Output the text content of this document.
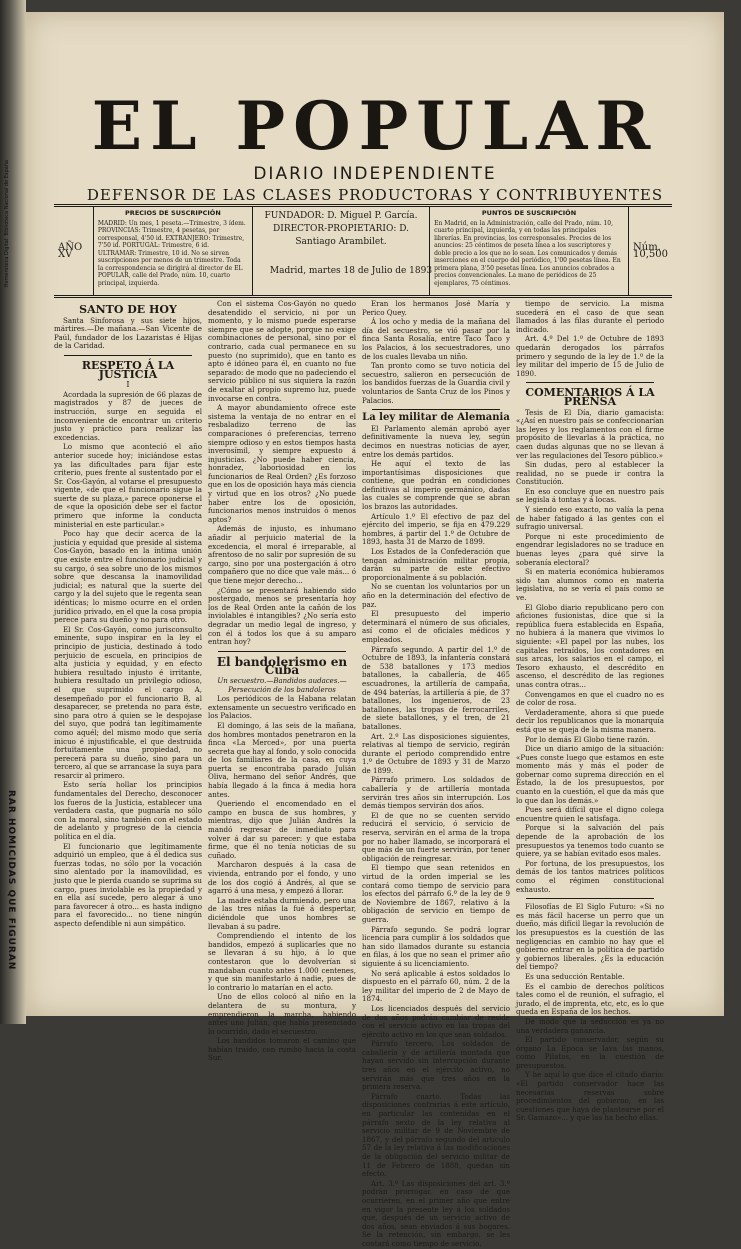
Hemeroteca Digital. Biblioteca Nacional de España
RAR HOMICIDAS QUE FIGURAN
EL POPULAR
DIARIO INDEPENDIENTE
DEFENSOR DE LAS CLASES PRODUCTORAS Y CONTRIBUYENTES
AÑO XV
PRECIOS DE SUSCRIPCIÓN
MADRID: Un mes, 1 peseta.—Trimestre, 3 ídem. PROVINCIAS: Trimestre, 4 pesetas, por corresponsal, 4'50 id. EXTRANJERO: Trimestre, 7'50 id. PORTUGAL: Trimestre, 6 id. ULTRAMAR: Trimestre, 10 id. No se sirven suscripciones por menos de un trimestre. Toda la correspondencia se dirigirá al director de EL POPULAR, calle del Prado, núm. 10, cuarto principal, izquierda.
FUNDADOR: D. Miguel P. García.
DIRECTOR-PROPIETARIO: D. Santiago Arambilet.
PUNTOS DE SUSCRIPCIÓN
En Madrid, en la Administración, calle del Prado, núm. 10, cuarto principal, izquierda, y en todas las principales librerías. En provincias, los corresponsales. Precios de los anuncios: 25 céntimos de peseta línea a los suscriptores y doble precio a los que no lo sean. Los comunicados y demás inserciones en el cuerpo del periódico, 1'00 pesetas línea. En primera plana, 3'50 pesetas línea. Los anuncios cobrados a precios convencionales. La mano de periódicos de 25 ejemplares, 75 céntimos.
Núm. 10,500
Madrid, martes 18 de Julio de 1893
SANTO DE HOY

Santa Sinforosa y sus siete hijos, mártires.—De mañana.—San Vicente de Paúl, fundador de los Lazaristas é Hijas de la Caridad.

RESPETO Á LA JUSTICIA
I

Acordada la supresión de 66 plazas de magistrados y 87 de jueces de instrucción, surge en seguida el inconveniente de encontrar un criterio justo y práctico para realizar las excedencias.

Lo mismo que aconteció el año anterior sucede hoy; iniciándose estas ya las dificultades para fijar este criterio, pues frente al sustentado por el Sr. Cos-Gayón, al votarse el presupuesto vigente, «de que el funcionario sigue la suerte de su plaza,» parece oponerse el de «que la oposición debe ser el factor primero que informe la conducta ministerial en este particular.»

Poco hay que decir acerca de la justicia y equidad que preside al sistema Cos-Gayón, basado en la íntima unión que existe entre el funcionario judicial y su cargo, ó sea sobre uno de los mismos sobre que descansa la inamovilidad judicial; es natural que la suerte del cargo y la del sujeto que le regenta sean idénticas; lo mismo ocurre en el orden jurídico privado, en el que la cosa propia perece para su dueño y no para otro.

El Sr. Cos-Gayón, como jurisconsulto eminente, supo inspirar en la ley el principio de justicia, destinado á todo perjuicio de escuela, en principios de alta justicia y equidad, y en efecto hubiera resultado injusto é irritante, hubiera resultado un privilegio odioso, el que suprimido el cargo A, desempeñado por el funcionario B, al desaparecer, se pretenda no para éste, sino para otro á quien se le despojase del suyo, que podrá tan legítimamente como aquél; del mismo modo que sería inicuo é injustificable, el que destruida fortuitamente una propiedad, no perecerá para su dueño, sino para un tercero, al que se arrancase la suya para resarcir al primero.

Esto sería hollar los principios fundamentales del Derecho, desconocer los fueros de la Justicia, establecer una verdadera casta, que pugnaría no sólo con la moral, sino también con el estado de adelanto y progreso de la ciencia política en el día.

El funcionario que legítimamente adquirió un empleo, que á él dedica sus fuerzas todas, no sólo por la vocación sino alentado por la inamovilidad, es justo que le pierda cuando se suprima su cargo, pues inviolable es la propiedad y en ella así sucede, pero alegar á uno para favorecer á otro... es hasta indigno para el favorecido... no tiene ningún aspecto defendible ni aun simpático.

Con el sistema Cos-Gayón no quedo desatendido el servicio, ni por un momento, y lo mismo puede esperarse siempre que se adopte, porque no exige combinaciones de personal, sino por el contrario, cada cual permanece en su puesto (no suprimido), que en tanto es apto é idóneo para él, en cuanto no fue separado: de modo que no padeciendo el servicio público ni sus siquiera la razón de exaltar al propio supremo luz, puede invocarse en contra.

A mayor abundamiento ofrece este sistema la ventaja de no entrar en el resbaladizo terreno de las comparaciones ó preferencias, terreno siempre odioso y en estos tiempos hasta inverosímil, y siempre expuesto á injusticias. ¿No puede haber ciencia, honradez, laboriosidad en los funcionarios de Real Orden? ¿Es forzoso que en los de oposición haya más ciencia y virtud que en los otros? ¿No puede haber entre los de oposición, funcionarios menos instruidos ó menos aptos?

Además de injusto, es inhumano añadir al perjuicio material de la excedencia, el moral é irreparable, al afrentoso de no salir por supresión de su cargo, sino por una postergación á otro compañero que no dice que vale más... ó que tiene mejor derecho...

¿Cómo se presentará habiendo sido postergado, menos se presentaría hoy los de Real Orden ante la cañón de los inviolables é intangibles? ¿No sería esto degradar un medio legal de ingreso, y con él á todos los que á su amparo entran hoy?

El bandolerismo en Cuba

Un secuestro.—Bandidos audaces.—Persecución de los bandoleros

Los periódicos de la Habana relatan extensamente un secuestro verificado en los Palacios.

El domingo, á las seis de la mañana, dos hombres montados penetraron en la finca «La Merced», por una puerta secreta que hay al fondo, y solo conocida de los familiares de la casa, en cuya puerta se encontraba parado Julián Oliva, hermano del señor Andrés, que había llegado á la finca á media hora antes.

Queriendo el encomendado en el campo en busca de sus hombres, y mientras, dijo que Julián Andrés la mandó regresar de inmediato para volver á dar su parecer: y que estaba firme, que él no tenía noticias de su cuñado.

Marcharon después á la casa de vivienda, entrando por el fondo, y uno de los dos cogió á Andrés, al que se agarró á una mesa, y empezó á llorar.

La madre estaba durmiendo, pero una de las tres niñas la fué á despertar, diciéndole que unos hombres se llevaban á su padre.

Comprendiendo el intento de los bandidos, empezó á suplicarles que no se llevaran á su hijo, á lo que contestaron que lo devolverían si mandaban cuanto antes 1.000 centenes, y que sin manifestarlo á nadie, pues de lo contrario lo matarían en el acto.

Uno de ellos colocó al niño en la delantera de su montura, y emprendieron la marcha, habiendo antes uno Julián, que había presenciado lo ocurrido, dado el secuestro.

Los bandidos tomaron el camino que habían traído, con rumbo hacia la costa Sur.

Eran los hermanos José María y Perico Quey.

Á los ocho y media de la mañana del día del secuestro, se vió pasar por la finca Santa Rosalía, entre Taco Taco y los Palacios, á los secuestradores, uno de los cuales llevaba un niño.

Tan pronto como se tuvo noticia del secuestro, salieron en persecución de los bandidos fuerzas de la Guardia civil y voluntarios de Santa Cruz de los Pinos y Palacios.

La ley militar de Alemania

El Parlamento alemán aprobó ayer definitivamente la nueva ley, según decimos en nuestras noticias de ayer, entre los demás partidos.

He aquí el texto de las importantísimas disposiciones que contiene, que podrán en condiciones definitivas al imperio germánico, dadas las cuales se comprende que se abran los brazos las autoridades.

Artículo 1.º El efectivo de paz del ejército del imperio, se fija en 479.229 hombres, á partir del 1.º de Octubre de 1893, hasta 31 de Marzo de 1899.

Los Estados de la Confederación que tengan administración militar propia, darán su parte de este efectivo proporcionalmente á su población.

No se cuentan los voluntarios por un año en la determinación del efectivo de paz.

El presupuesto del imperio determinará el número de sus oficiales, así como el de oficiales médicos y empleados.

Párrafo segundo. A partir del 1.º de Octubre de 1893, la infantería constará de 538 batallones y 173 medios batallones, la caballería, de 465 escuadrones, la artillería de campaña, de 494 baterías, la artillería á pie, de 37 batallones, los ingenieros, de 23 batallones, las tropas de ferrocarriles, de siete batallones, y el tren, de 21 batallones.

Art. 2.º Las disposiciones siguientes, relativas al tiempo de servicio, regirán durante el periodo comprendido entre 1.º de Octubre de 1893 y 31 de Marzo de 1899.

Párrafo primero. Los soldados de caballería y de artillería montada servirán tres años sin interrupción. Los demás tiempos servirán dos años.

El de que no se cuenten servido reducirá el servicio, ó servicio de reserva, servirán en el arma de la tropa por no haber llamado, se incorporará el que más de un fuerte servirán, por tener obligación de reingresar.

El tiempo que sean retenidos en virtud de la orden imperial se les contará como tiempo de servicio para los efectos del párrafo 6.º de la ley de 9 de Noviembre de 1867, relativo á la obligación de servicio en tiempo de guerra.

Párrafo segundo. Se podrá lograr licencia para cumplir á los soldados que han sido llamados durante su estancia en filas, á los que no sean el primer año siguiente á su licenciamiento.

No será aplicable á estos soldados lo dispuesto en el párrafo 60, núm. 2 de la ley militar del imperio de 2 de Mayo de 1874.

Los licenciados después del servicio de dos años podrán cambiar de reside con el servicio activo en las tropas del ejército activo en los que sean soldados.

Párrafo tercero. Los soldados de caballería y de artillería montada que hayan servido sin interrupción durante tres años en el ejército activo, no servirán más que tres años en la primera reserva.

Párrafo cuarto. Todas las disposiciones contrarias á este artículo, en particular las contenidas en el párrafo sexto de la ley relativa al servicio militar de 9 de Noviembre de 1867, y del párrafo segundo del artículo 57 de la ley relativa á las modificaciones de la obligación del servicio militar de 11 de Febrero de 1888, quedan sin efecto.

Art. 3.º Las disposiciones del art. 3.º podrán prorrogar, en caso de que ocurrieren, en el primer año que entre en vigor la presente ley á los soldados que, después de un servicio activo de dos años, sean enviados á sus hogares. Se la retención, sin embargo, se les contará como tiempo de servicio.

tiempo de servicio. La misma sucederá en el caso de que sean llamados á las filas durante el periodo indicado.

Art. 4.º Del 1.º de Octubre de 1893 quedarán derogados los párrafos primero y segundo de la ley de 1.º de la ley militar del imperio de 15 de Julio de 1890.

COMENTARIOS Á LA PRENSA

Tesis de El Día, diario gamacista: «¿Así en nuestro país se confeccionarían las leyes y los reglamentos con el firme propósito de llevarlas á la práctica, no caen dudas algunas que no se llevan á ver las regulaciones del Tesoro público.»

Sin dudas, pero al establecer la realidad, no se puede ir contra la Constitución.

En eso concluye que en nuestro país se legisla á tontas y á locas.

Y siendo eso exacto, no valía la pena de haber fatigado á las gentes con el sufragio universal.

Porque ni este procedimiento de engendrar legisladores no se traduce en buenas leyes ¿para qué sirve la soberanía electoral?

Si en materia económica hubieramos sido tan alumnos como en materia legislativa, no se vería el país como se ve.

El Globo diario republicano pero con aficiones fusionistas, dice que si la república fuera establecida en España, no hubiera á la manera que vivimos lo siguiente: «El papel por las nubes, los capitales retraídos, los contadores en sus arcas, los salarios en el campo, el Tesoro exhausto, el descrédito en ascenso, el descrédito de las regiones unas contra otras...

Convengamos en que el cuadro no es de color de rosa.

Verdaderamente, ahora si que puede decir los republicanos que la monarquía está que se queja de la misma manera.

Por lo demás El Globo tiene razón.

Dice un diario amigo de la situación: «Pues conste luego que estamos en este momento más y más el poder de gobernar como suprema dirección en el Estado, la de los presupuestos, por cuanto en la cuestión, el que da más que lo que dan los demás.»

Pues será difícil que el digno colega encuentre quien le satisfaga.

Porque si la salvación del país depende de la aprobación de los presupuestos ya tenemos todo cuanto se quiere, ya se habían evitado esos males.

Por fortuna, de los presupuestos, los demás de los tantos matrices políticos como el régimen constitucional exhausto.

Filosofías de El Siglo Futuro: «Si no es más fácil hacerse un perro que un dueño, más difícil llegar la revolución de los presupuestos es la cuestión de las negligencias en cambio no hay que el gobierno entrar en la política de partido y gobiernos liberales. ¿Es la educación del tiempo?

Es una seducción Rentable.

Es el cambio de derechos políticos tales como el de reunión, el sufragio, el jurado, el de imprenta, etc, etc, es lo que queda en España de los hechos.

De modo que la seducción es ya no una verdadera ganancia.

El partido conservador, según su órgano La Época se lava las manos, como Pilatos, en la cuestión de presupuestos.

Y he aquí lo que dice el citado diario: «El partido conservador hace las necesarias reservas sobre procedimientos del gobierno, en las cuestiones que haya de plantearse por el Sr. Gamazo»... y que las ha hecho ellas.
